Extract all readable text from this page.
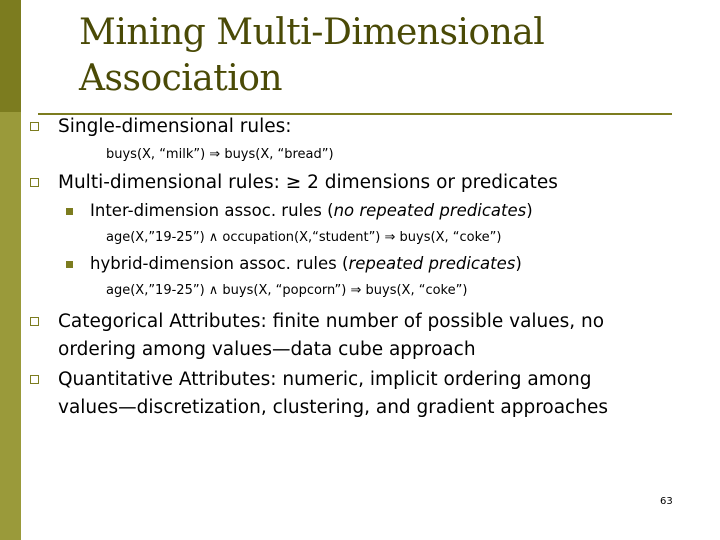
Mining Multi-Dimensional
Association
Single-dimensional rules:
buys(X, “milk”) ⇒ buys(X, “bread”)
Multi-dimensional rules: ≥ 2 dimensions or predicates
Inter-dimension assoc. rules (no repeated predicates)
age(X,”19-25”) ∧ occupation(X,“student”) ⇒ buys(X, “coke”)
hybrid-dimension assoc. rules (repeated predicates)
age(X,”19-25”) ∧ buys(X, “popcorn”) ⇒ buys(X, “coke”)
Categorical Attributes: finite number of possible values, no
ordering among values—data cube approach
Quantitative Attributes: numeric, implicit ordering among
values—discretization, clustering, and gradient approaches
63
